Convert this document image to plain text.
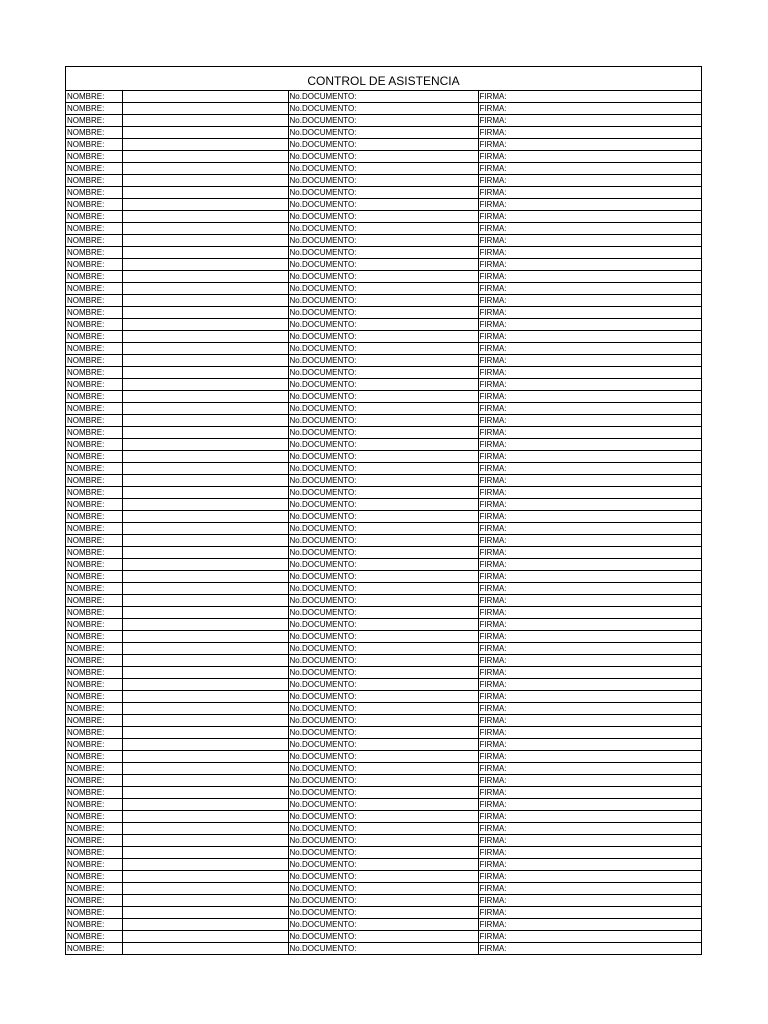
CONTROL DE ASISTENCIA
NOMBRE:		No.DOCUMENTO:		FIRMA:	
NOMBRE:		No.DOCUMENTO:		FIRMA:	
NOMBRE:		No.DOCUMENTO:		FIRMA:	
NOMBRE:		No.DOCUMENTO:		FIRMA:	
NOMBRE:		No.DOCUMENTO:		FIRMA:	
NOMBRE:		No.DOCUMENTO:		FIRMA:	
NOMBRE:		No.DOCUMENTO:		FIRMA:	
NOMBRE:		No.DOCUMENTO:		FIRMA:	
NOMBRE:		No.DOCUMENTO:		FIRMA:	
NOMBRE:		No.DOCUMENTO:		FIRMA:	
NOMBRE:		No.DOCUMENTO:		FIRMA:	
NOMBRE:		No.DOCUMENTO:		FIRMA:	
NOMBRE:		No.DOCUMENTO:		FIRMA:	
NOMBRE:		No.DOCUMENTO:		FIRMA:	
NOMBRE:		No.DOCUMENTO:		FIRMA:	
NOMBRE:		No.DOCUMENTO:		FIRMA:	
NOMBRE:		No.DOCUMENTO:		FIRMA:	
NOMBRE:		No.DOCUMENTO:		FIRMA:	
NOMBRE:		No.DOCUMENTO:		FIRMA:	
NOMBRE:		No.DOCUMENTO:		FIRMA:	
NOMBRE:		No.DOCUMENTO:		FIRMA:	
NOMBRE:		No.DOCUMENTO:		FIRMA:	
NOMBRE:		No.DOCUMENTO:		FIRMA:	
NOMBRE:		No.DOCUMENTO:		FIRMA:	
NOMBRE:		No.DOCUMENTO:		FIRMA:	
NOMBRE:		No.DOCUMENTO:		FIRMA:	
NOMBRE:		No.DOCUMENTO:		FIRMA:	
NOMBRE:		No.DOCUMENTO:		FIRMA:	
NOMBRE:		No.DOCUMENTO:		FIRMA:	
NOMBRE:		No.DOCUMENTO:		FIRMA:	
NOMBRE:		No.DOCUMENTO:		FIRMA:	
NOMBRE:		No.DOCUMENTO:		FIRMA:	
NOMBRE:		No.DOCUMENTO:		FIRMA:	
NOMBRE:		No.DOCUMENTO:		FIRMA:	
NOMBRE:		No.DOCUMENTO:		FIRMA:	
NOMBRE:		No.DOCUMENTO:		FIRMA:	
NOMBRE:		No.DOCUMENTO:		FIRMA:	
NOMBRE:		No.DOCUMENTO:		FIRMA:	
NOMBRE:		No.DOCUMENTO:		FIRMA:	
NOMBRE:		No.DOCUMENTO:		FIRMA:	
NOMBRE:		No.DOCUMENTO:		FIRMA:	
NOMBRE:		No.DOCUMENTO:		FIRMA:	
NOMBRE:		No.DOCUMENTO:		FIRMA:	
NOMBRE:		No.DOCUMENTO:		FIRMA:	
NOMBRE:		No.DOCUMENTO:		FIRMA:	
NOMBRE:		No.DOCUMENTO:		FIRMA:	
NOMBRE:		No.DOCUMENTO:		FIRMA:	
NOMBRE:		No.DOCUMENTO:		FIRMA:	
NOMBRE:		No.DOCUMENTO:		FIRMA:	
NOMBRE:		No.DOCUMENTO:		FIRMA:	
NOMBRE:		No.DOCUMENTO:		FIRMA:	
NOMBRE:		No.DOCUMENTO:		FIRMA:	
NOMBRE:		No.DOCUMENTO:		FIRMA:	
NOMBRE:		No.DOCUMENTO:		FIRMA:	
NOMBRE:		No.DOCUMENTO:		FIRMA:	
NOMBRE:		No.DOCUMENTO:		FIRMA:	
NOMBRE:		No.DOCUMENTO:		FIRMA:	
NOMBRE:		No.DOCUMENTO:		FIRMA:	
NOMBRE:		No.DOCUMENTO:		FIRMA:	
NOMBRE:		No.DOCUMENTO:		FIRMA:	
NOMBRE:		No.DOCUMENTO:		FIRMA:	
NOMBRE:		No.DOCUMENTO:		FIRMA:	
NOMBRE:		No.DOCUMENTO:		FIRMA:	
NOMBRE:		No.DOCUMENTO:		FIRMA:	
NOMBRE:		No.DOCUMENTO:		FIRMA:	
NOMBRE:		No.DOCUMENTO:		FIRMA:	
NOMBRE:		No.DOCUMENTO:		FIRMA:	
NOMBRE:		No.DOCUMENTO:		FIRMA:	
NOMBRE:		No.DOCUMENTO:		FIRMA:	
NOMBRE:		No.DOCUMENTO:		FIRMA:	
NOMBRE:		No.DOCUMENTO:		FIRMA:	
NOMBRE:		No.DOCUMENTO:		FIRMA:	
